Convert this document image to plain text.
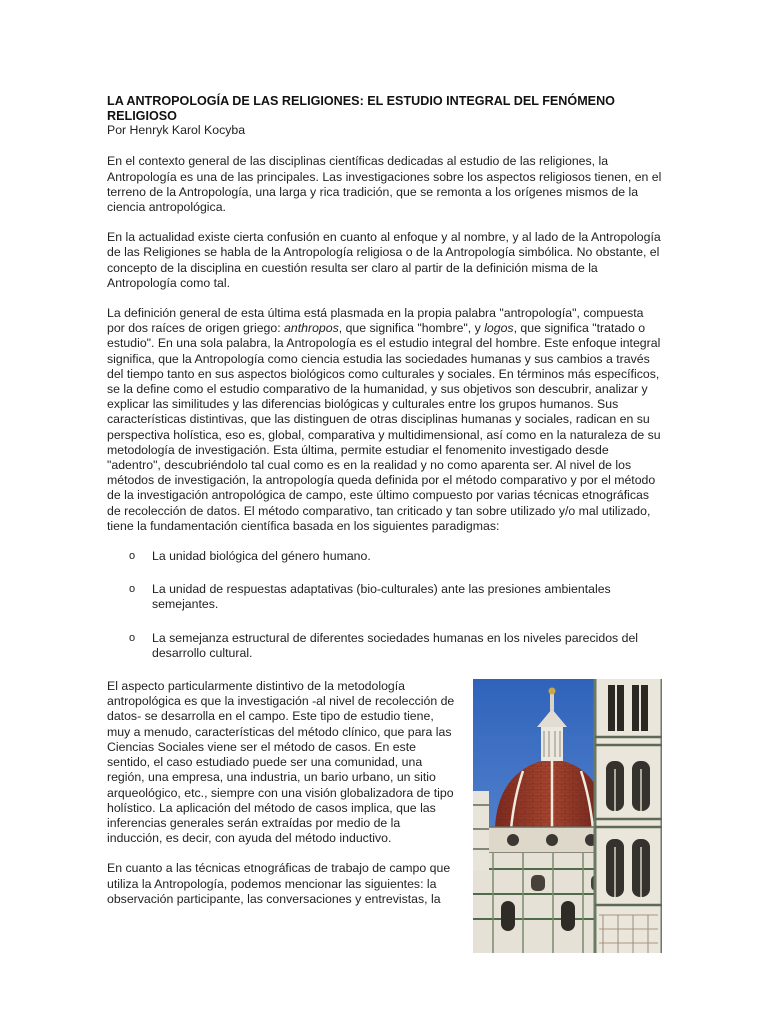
LA ANTROPOLOGÍA DE LAS RELIGIONES: EL ESTUDIO INTEGRAL DEL FENÓMENO RELIGIOSO

Por Henryk Karol Kocyba

En el contexto general de las disciplinas científicas dedicadas al estudio de las religiones, la Antropología es una de las principales. Las investigaciones sobre los aspectos religiosos tienen, en el terreno de la Antropología, una larga y rica tradición, que se remonta a los orígenes mismos de la ciencia antropológica.

En la actualidad existe cierta confusión en cuanto al enfoque y al nombre, y al lado de la Antropología de las Religiones se habla de la Antropología religiosa o de la Antropología simbólica. No obstante, el concepto de la disciplina en cuestión resulta ser claro al partir de la definición misma de la Antropología como tal.

La definición general de esta última está plasmada en la propia palabra "antropología", compuesta por dos raíces de origen griego: anthropos, que significa "hombre", y logos, que significa "tratado o estudio". En una sola palabra, la Antropología es el estudio integral del hombre. Este enfoque integral significa, que la Antropología como ciencia estudia las sociedades humanas y sus cambios a través del tiempo tanto en sus aspectos biológicos como culturales y sociales. En términos más específicos, se la define como el estudio comparativo de la humanidad, y sus objetivos son descubrir, analizar y explicar las similitudes y las diferencias biológicas y culturales entre los grupos humanos. Sus características distintivas, que las distinguen de otras disciplinas humanas y sociales, radican en su perspectiva holística, eso es, global, comparativa y multidimensional, así como en la naturaleza de su metodología de investigación. Esta última, permite estudiar el fenomenito investigado desde "adentro", descubriéndolo tal cual como es en la realidad y no como aparenta ser. Al nivel de los métodos de investigación, la antropología queda definida por el método comparativo y por el método de la investigación antropológica de campo, este último compuesto por varias técnicas etnográficas de recolección de datos. El método comparativo, tan criticado y tan sobre utilizado y/o mal utilizado, tiene la fundamentación científica basada en los siguientes paradigmas:

o La unidad biológica del género humano.
o La unidad de respuestas adaptativas (bio-culturales) ante las presiones ambientales semejantes.
o La semejanza estructural de diferentes sociedades humanas en los niveles parecidos del desarrollo cultural.

El aspecto particularmente distintivo de la metodología antropológica es que la investigación -al nivel de recolección de datos- se desarrolla en el campo. Este tipo de estudio tiene, muy a menudo, características del método clínico, que para las Ciencias Sociales viene ser el método de casos. En este sentido, el caso estudiado puede ser una comunidad, una región, una empresa, una industria, un bario urbano, un sitio arqueológico, etc., siempre con una visión globalizadora de tipo holístico. La aplicación del método de casos implica, que las inferencias generales serán extraídas por medio de la inducción, es decir, con ayuda del método inductivo.

En cuanto a las técnicas etnográficas de trabajo de campo que utiliza la Antropología, podemos mencionar las siguientes: la observación participante, las conversaciones y entrevistas, la
